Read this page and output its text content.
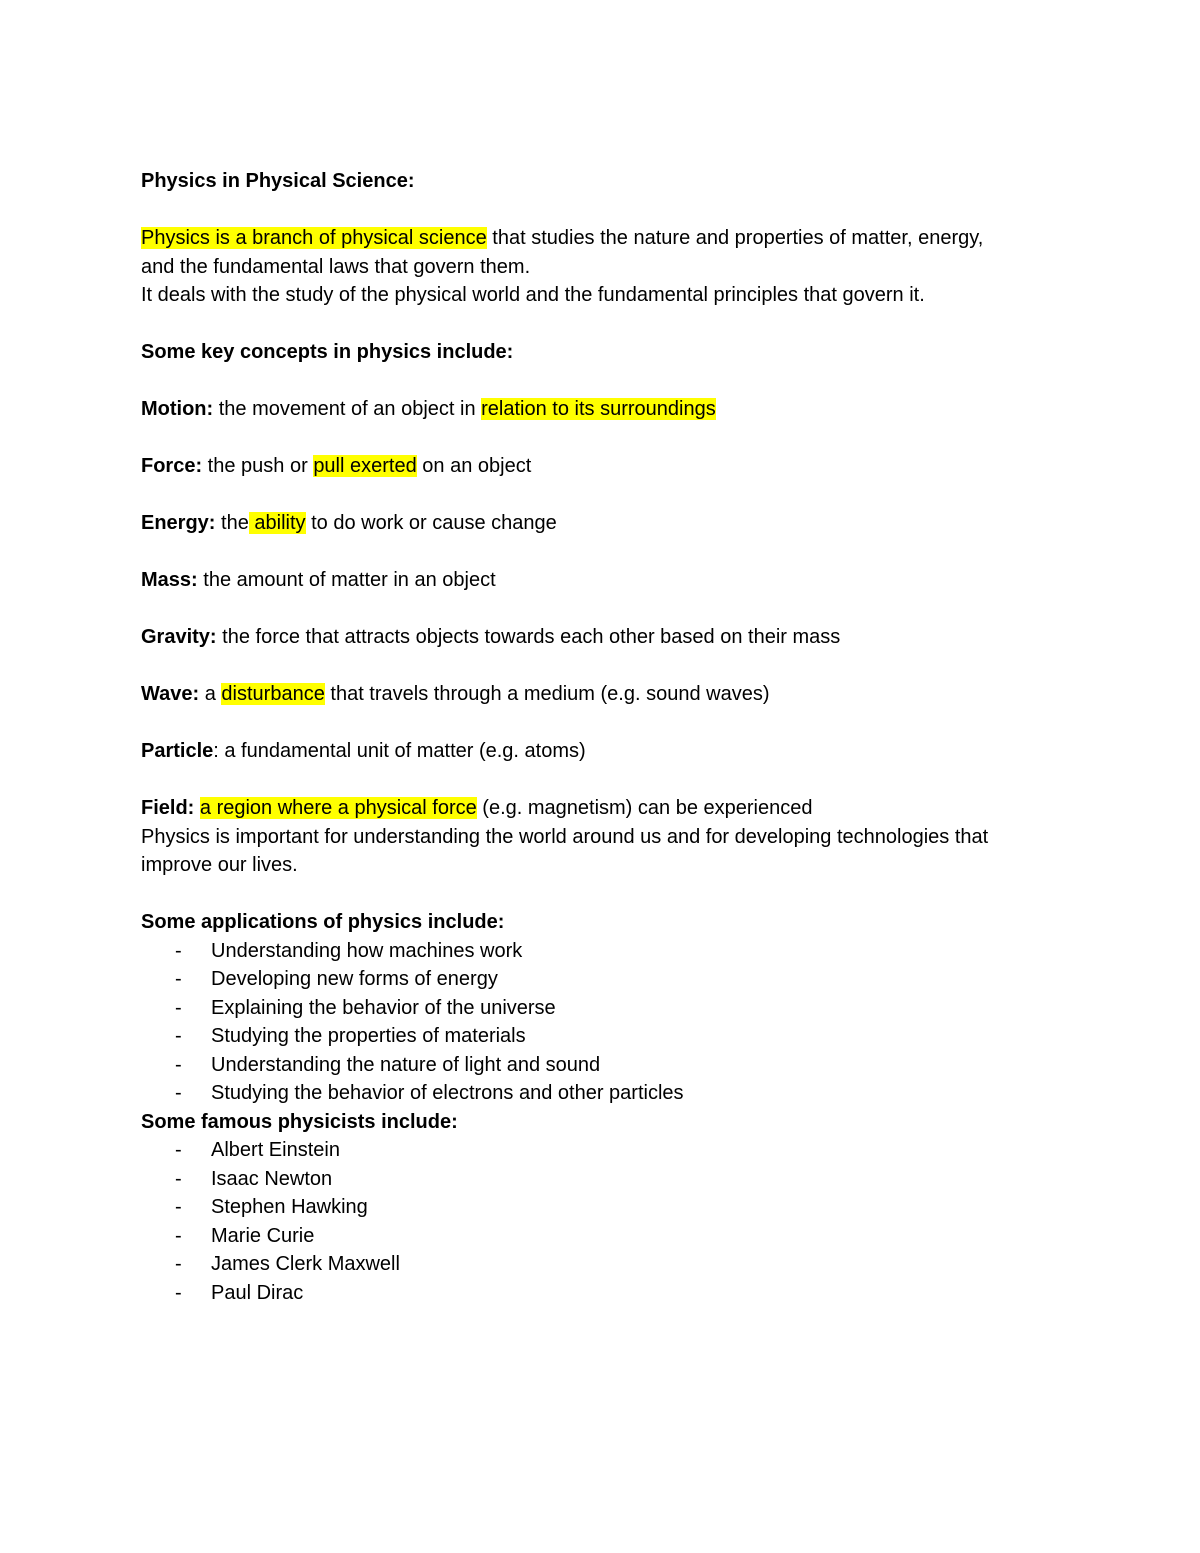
Physics in Physical Science:

Physics is a branch of physical science that studies the nature and properties of matter, energy,

and the fundamental laws that govern them.

It deals with the study of the physical world and the fundamental principles that govern it.

Some key concepts in physics include:

Motion: the movement of an object in relation to its surroundings

Force: the push or pull exerted on an object

Energy: the ability to do work or cause change

Mass: the amount of matter in an object

Gravity: the force that attracts objects towards each other based on their mass

Wave: a disturbance that travels through a medium (e.g. sound waves)

Particle: a fundamental unit of matter (e.g. atoms)

Field: a region where a physical force (e.g. magnetism) can be experienced

Physics is important for understanding the world around us and for developing technologies that

improve our lives.

Some applications of physics include:

- Understanding how machines work
- Developing new forms of energy
- Explaining the behavior of the universe
- Studying the properties of materials
- Understanding the nature of light and sound
- Studying the behavior of electrons and other particles

Some famous physicists include:

- Albert Einstein
- Isaac Newton
- Stephen Hawking
- Marie Curie
- James Clerk Maxwell
- Paul Dirac
